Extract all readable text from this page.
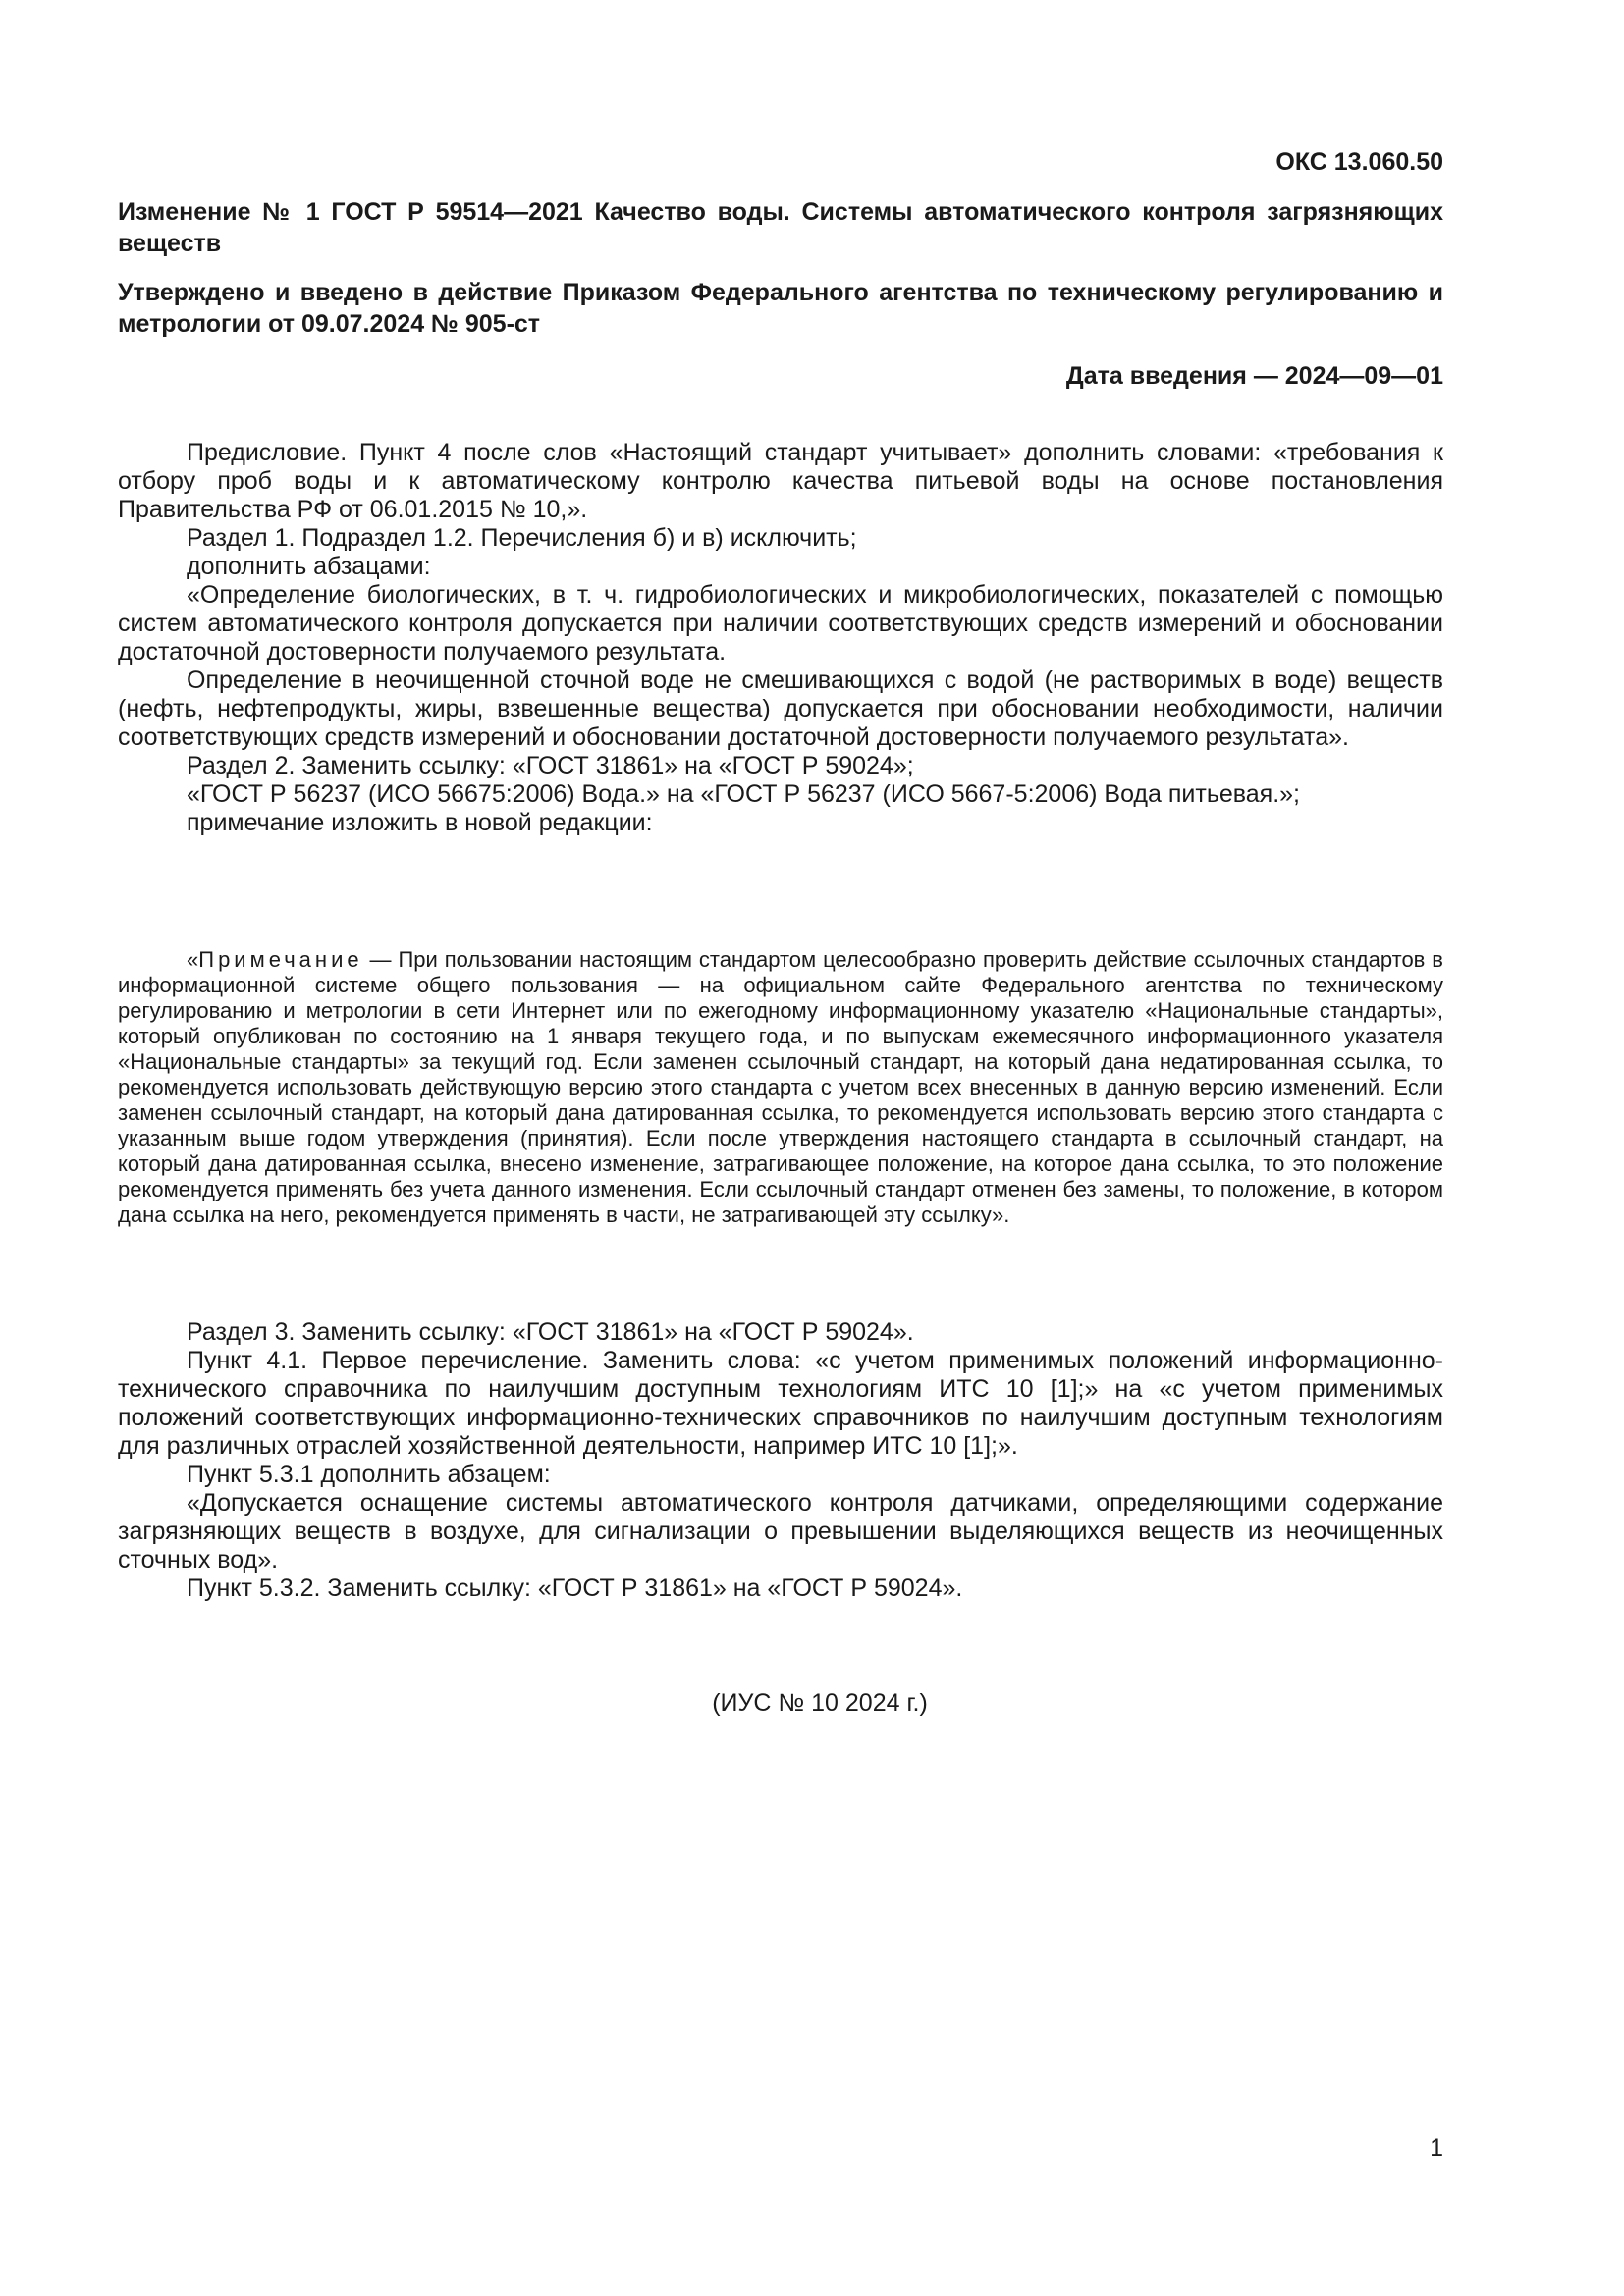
ОКС 13.060.50
Изменение № 1 ГОСТ Р 59514—2021 Качество воды. Системы автоматического контроля загрязняющих веществ
Утверждено и введено в действие Приказом Федерального агентства по техническому регулированию и метрологии от 09.07.2024 № 905-ст
Дата введения — 2024—09—01

Предисловие. Пункт 4 после слов «Настоящий стандарт учитывает» дополнить словами: «требования к отбору проб воды и к автоматическому контролю качества питьевой воды на основе постановления Правительства РФ от 06.01.2015 № 10,».

Раздел 1. Подраздел 1.2. Перечисления б) и в) исключить;

дополнить абзацами:

«Определение биологических, в т. ч. гидробиологических и микробиологических, показателей с помощью систем автоматического контроля допускается при наличии соответствующих средств измерений и обосновании достаточной достоверности получаемого результата.

Определение в неочищенной сточной воде не смешивающихся с водой (не растворимых в воде) веществ (нефть, нефтепродукты, жиры, взвешенные вещества) допускается при обосновании необходимости, наличии соответствующих средств измерений и обосновании достаточной достоверности получаемого результата».

Раздел 2. Заменить ссылку: «ГОСТ 31861» на «ГОСТ Р 59024»;

«ГОСТ Р 56237 (ИСО 56675:2006) Вода.» на «ГОСТ Р 56237 (ИСО 5667-5:2006) Вода питьевая.»;

примечание изложить в новой редакции:

«Примечание — При пользовании настоящим стандартом целесообразно проверить действие ссылочных стандартов в информационной системе общего пользования — на официальном сайте Федерального агентства по техническому регулированию и метрологии в сети Интернет или по ежегодному информационному указателю «Национальные стандарты», который опубликован по состоянию на 1 января текущего года, и по выпускам ежемесячного информационного указателя «Национальные стандарты» за текущий год. Если заменен ссылочный стандарт, на который дана недатированная ссылка, то рекомендуется использовать действующую версию этого стандарта с учетом всех внесенных в данную версию изменений. Если заменен ссылочный стандарт, на который дана датированная ссылка, то рекомендуется использовать версию этого стандарта с указанным выше годом утверждения (принятия). Если после утверждения настоящего стандарта в ссылочный стандарт, на который дана датированная ссылка, внесено изменение, затрагивающее положение, на которое дана ссылка, то это положение рекомендуется применять без учета данного изменения. Если ссылочный стандарт отменен без замены, то положение, в котором дана ссылка на него, рекомендуется применять в части, не затрагивающей эту ссылку».

Раздел 3. Заменить ссылку: «ГОСТ 31861» на «ГОСТ Р 59024».

Пункт 4.1. Первое перечисление. Заменить слова: «с учетом применимых положений информационно-технического справочника по наилучшим доступным технологиям ИТС 10 [1];» на «с учетом применимых положений соответствующих информационно-технических справочников по наилучшим доступным технологиям для различных отраслей хозяйственной деятельности, например ИТС 10 [1];».

Пункт 5.3.1 дополнить абзацем:

«Допускается оснащение системы автоматического контроля датчиками, определяющими содержание загрязняющих веществ в воздухе, для сигнализации о превышении выделяющихся веществ из неочищенных сточных вод».

Пункт 5.3.2. Заменить ссылку: «ГОСТ Р 31861» на «ГОСТ Р 59024».

(ИУС № 10 2024 г.)
1
